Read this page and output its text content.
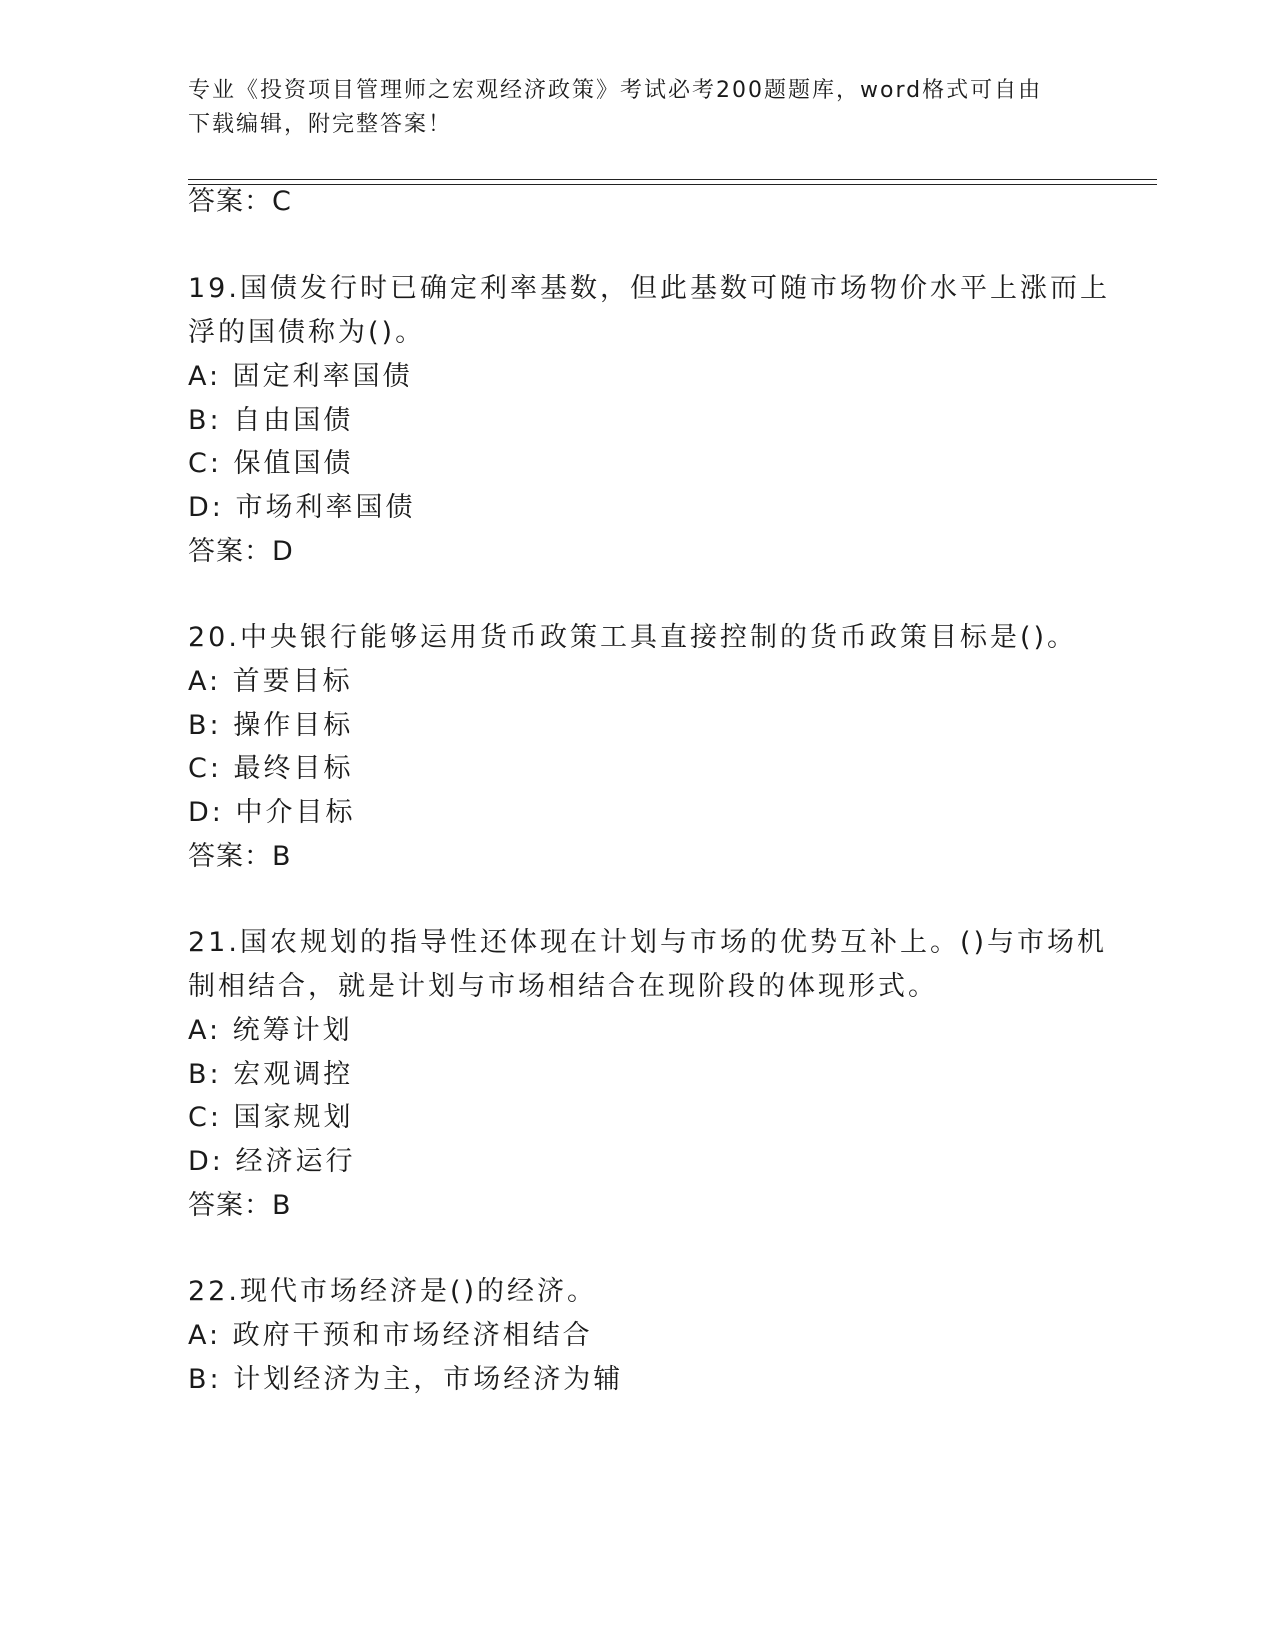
专业《投资项目管理师之宏观经济政策》考试必考200题题库，word格式可自由
下载编辑，附完整答案！
答案：C
19.国债发行时已确定利率基数，但此基数可随市场物价水平上涨而上
浮的国债称为()。
A: 固定利率国债
B: 自由国债
C: 保值国债
D: 市场利率国债
答案：D
20.中央银行能够运用货币政策工具直接控制的货币政策目标是()。
A: 首要目标
B: 操作目标
C: 最终目标
D: 中介目标
答案：B
21.国农规划的指导性还体现在计划与市场的优势互补上。()与市场机
制相结合，就是计划与市场相结合在现阶段的体现形式。
A: 统筹计划
B: 宏观调控
C: 国家规划
D: 经济运行
答案：B
22.现代市场经济是()的经济。
A: 政府干预和市场经济相结合
B: 计划经济为主，市场经济为辅
